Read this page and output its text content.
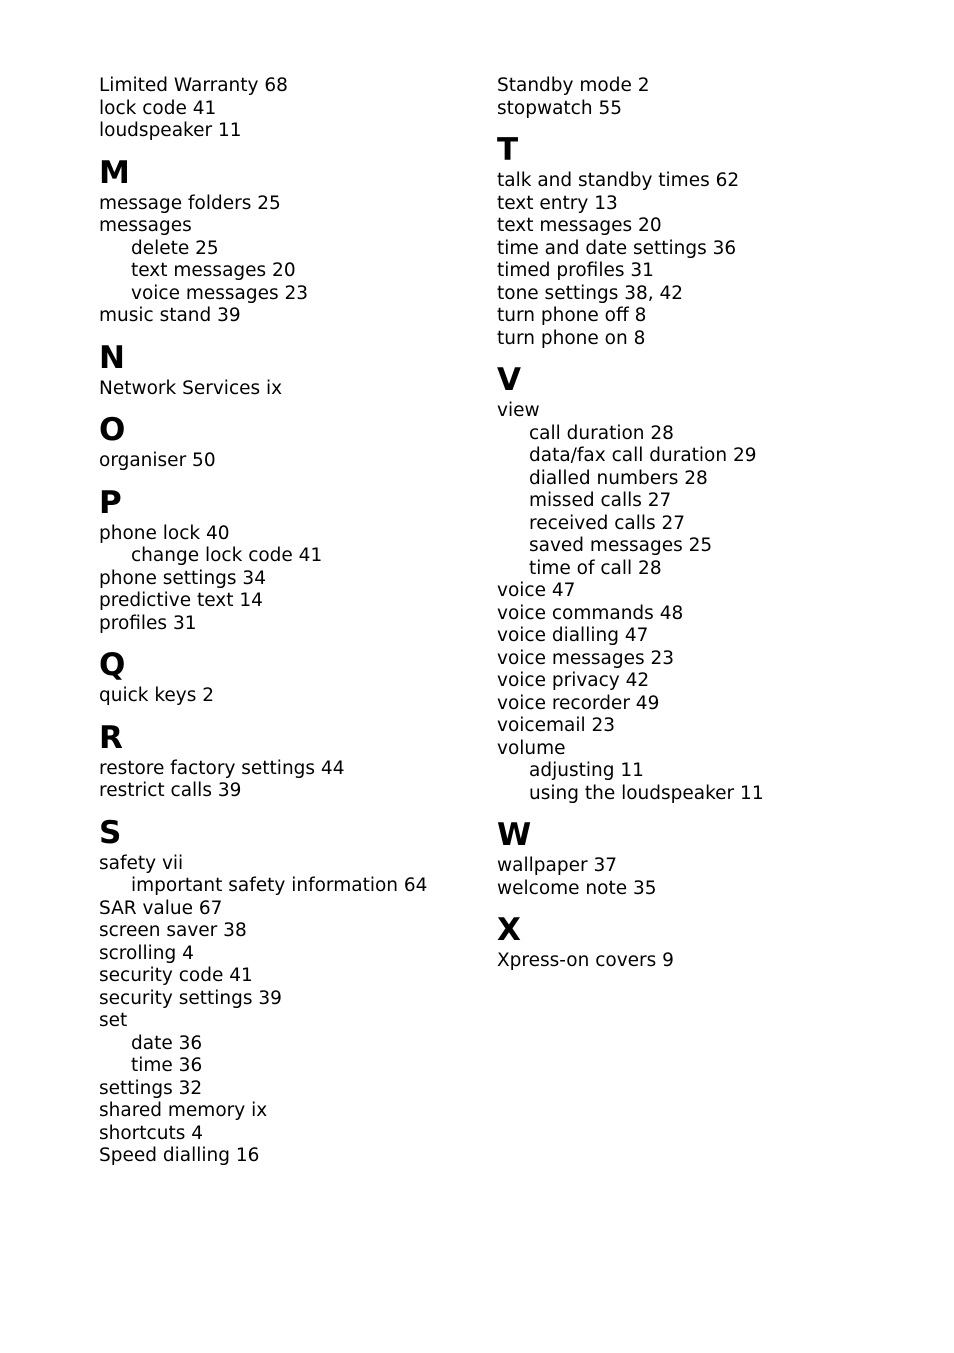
Limited Warranty 68
lock code 41
loudspeaker 11
M
message folders 25
messages
delete 25
text messages 20
voice messages 23
music stand 39
N
Network Services ix
O
organiser 50
P
phone lock 40
change lock code 41
phone settings 34
predictive text 14
profiles 31
Q
quick keys 2
R
restore factory settings 44
restrict calls 39
S
safety vii
important safety information 64
SAR value 67
screen saver 38
scrolling 4
security code 41
security settings 39
set
date 36
time 36
settings 32
shared memory ix
shortcuts 4
Speed dialling 16
Standby mode 2
stopwatch 55
T
talk and standby times 62
text entry 13
text messages 20
time and date settings 36
timed profiles 31
tone settings 38, 42
turn phone off 8
turn phone on 8
V
view
call duration 28
data/fax call duration 29
dialled numbers 28
missed calls 27
received calls 27
saved messages 25
time of call 28
voice 47
voice commands 48
voice dialling 47
voice messages 23
voice privacy 42
voice recorder 49
voicemail 23
volume
adjusting 11
using the loudspeaker 11
W
wallpaper 37
welcome note 35
X
Xpress-on covers 9
